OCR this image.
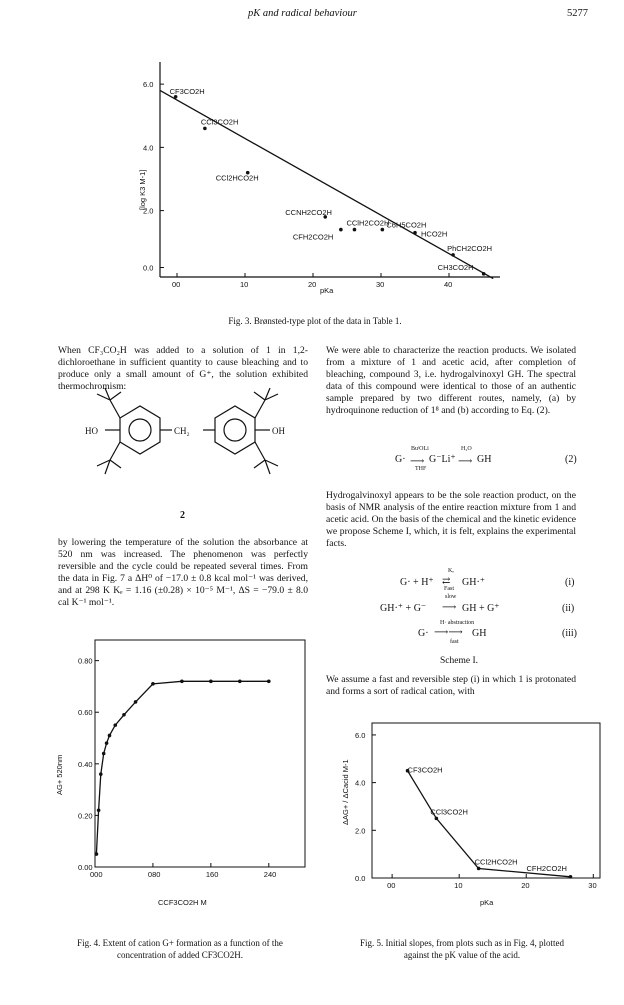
pK and radical behaviour	5277
[log K3 M-1]
pKa
00	10	20	30	40
6.0
4.0
2.0
0.0
CF3CO2H
CCl3CO2H
CCl2HCO2H
CCNH2CO2H
CClH2CO2H
CFH2CO2H
C6H5CO2H
HCO2H
PhCH2CO2H
CH3CO2H
Fig. 3. Brønsted-type plot of the data in Table 1.
When CF₃CO₂H was added to a solution of 1 in 1,2-dichloroethane in sufficient quantity to cause bleaching and to produce only a small amount of G⁺, the solution exhibited thermochromism:
HO	CH₂	OH
2
by lowering the temperature of the solution the absorbance at 520 nm was increased. The phenomenon was perfectly reversible and the cycle could be repeated several times. From the data in Fig. 7 a ΔH⁰ of −17.0 ± 0.8 kcal mol⁻¹ was derived, and at 298 K Kₑ = 1.16 (±0.28) × 10⁻⁵ M⁻¹, ΔS = −79.0 ± 8.0 cal K⁻¹ mol⁻¹.
We were able to characterize the reaction products. We isolated from a mixture of 1 and acetic acid, after completion of bleaching, compound 3, i.e. hydrogalvinoxyl GH. The spectral data of this compound were identical to those of an authentic sample prepared by two different routes, namely, (a) by hydroquinone reduction of 1⁸ and (b) according to Eq. (2).
G·
BuᵗOLi
⟶
THF
G⁻Li⁺
H₂O
⟶ GH	(2)
Hydrogalvinoxyl appears to be the sole reaction product, on the basis of NMR analysis of the entire reaction mixture from 1 and acetic acid. On the basis of the chemical and the kinetic evidence we propose Scheme I, which, it is felt, explains the experimental facts.
G· + H⁺
Kₑ
⇄
Fast
GH·⁺	(i)
GH·⁺ + G⁻
slow
⟶ GH + G⁺	(ii)
G·
H· abstraction
⟶⟶
fast
GH	(iii)
Scheme I.
We assume a fast and reversible step (i) in which 1 is protonated and forms a sort of radical cation, with
AG+ 520nm
CCF3CO2H M
000	080	160	240
0.80
0.60
0.40
0.20
0.00
Fig. 4. Extent of cation G+ formation as a function of the
concentration of added CF3CO2H.
ΔAG+ / ΔCacid M-1
pKa
00	10	20	30
6.0
4.0
2.0
0.0
CF3CO2H
CCl3CO2H
CCl2HCO2H
CFH2CO2H
Fig. 5. Initial slopes, from plots such as in Fig. 4, plotted
against the pK value of the acid.
